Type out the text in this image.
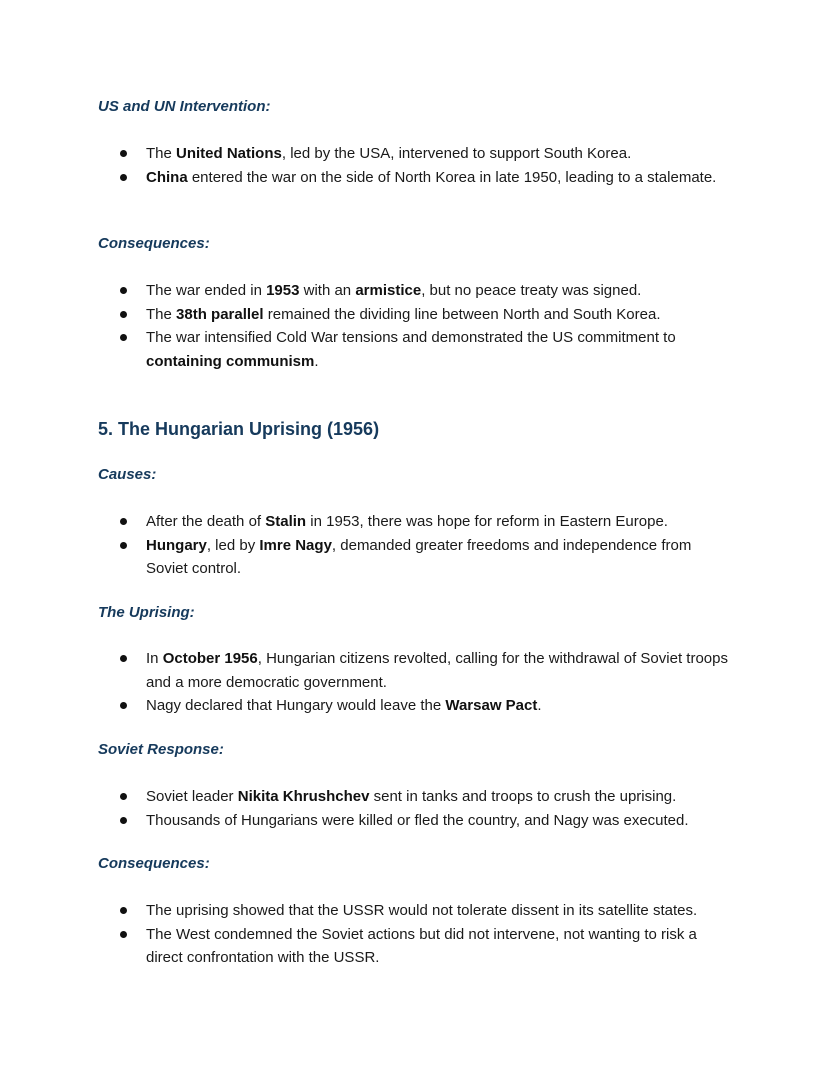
US and UN Intervention:
The United Nations, led by the USA, intervened to support South Korea.
China entered the war on the side of North Korea in late 1950, leading to a stalemate.
Consequences:
The war ended in 1953 with an armistice, but no peace treaty was signed.
The 38th parallel remained the dividing line between North and South Korea.
The war intensified Cold War tensions and demonstrated the US commitment to containing communism.
5. The Hungarian Uprising (1956)
Causes:
After the death of Stalin in 1953, there was hope for reform in Eastern Europe.
Hungary, led by Imre Nagy, demanded greater freedoms and independence from Soviet control.
The Uprising:
In October 1956, Hungarian citizens revolted, calling for the withdrawal of Soviet troops and a more democratic government.
Nagy declared that Hungary would leave the Warsaw Pact.
Soviet Response:
Soviet leader Nikita Khrushchev sent in tanks and troops to crush the uprising.
Thousands of Hungarians were killed or fled the country, and Nagy was executed.
Consequences:
The uprising showed that the USSR would not tolerate dissent in its satellite states.
The West condemned the Soviet actions but did not intervene, not wanting to risk a direct confrontation with the USSR.
